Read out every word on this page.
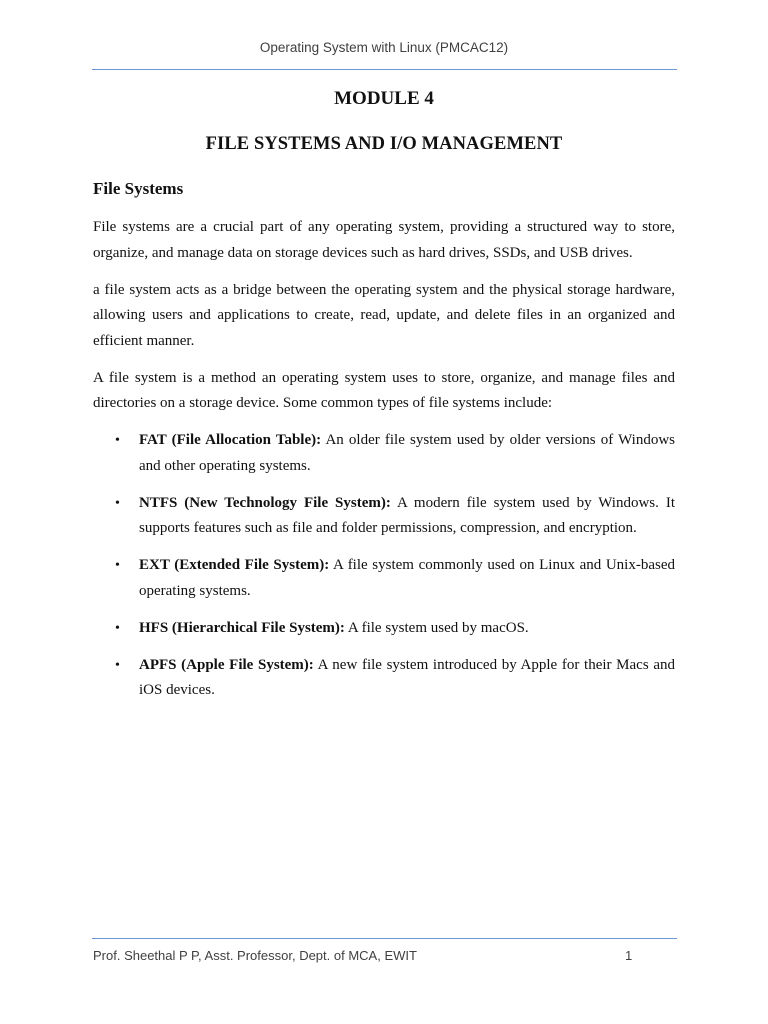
Operating System with Linux (PMCAC12)
MODULE 4
FILE SYSTEMS AND I/O MANAGEMENT
File Systems

File systems are a crucial part of any operating system, providing a structured way to store, organize, and manage data on storage devices such as hard drives, SSDs, and USB drives.

a file system acts as a bridge between the operating system and the physical storage hardware, allowing users and applications to create, read, update, and delete files in an organized and efficient manner.

A file system is a method an operating system uses to store, organize, and manage files and directories on a storage device. Some common types of file systems include:

• FAT (File Allocation Table): An older file system used by older versions of Windows and other operating systems.
• NTFS (New Technology File System): A modern file system used by Windows. It supports features such as file and folder permissions, compression, and encryption.
• EXT (Extended File System): A file system commonly used on Linux and Unix-based operating systems.
• HFS (Hierarchical File System): A file system used by macOS.
• APFS (Apple File System): A new file system introduced by Apple for their Macs and iOS devices.
Prof. Sheethal P P, Asst. Professor, Dept. of MCA, EWIT	1
